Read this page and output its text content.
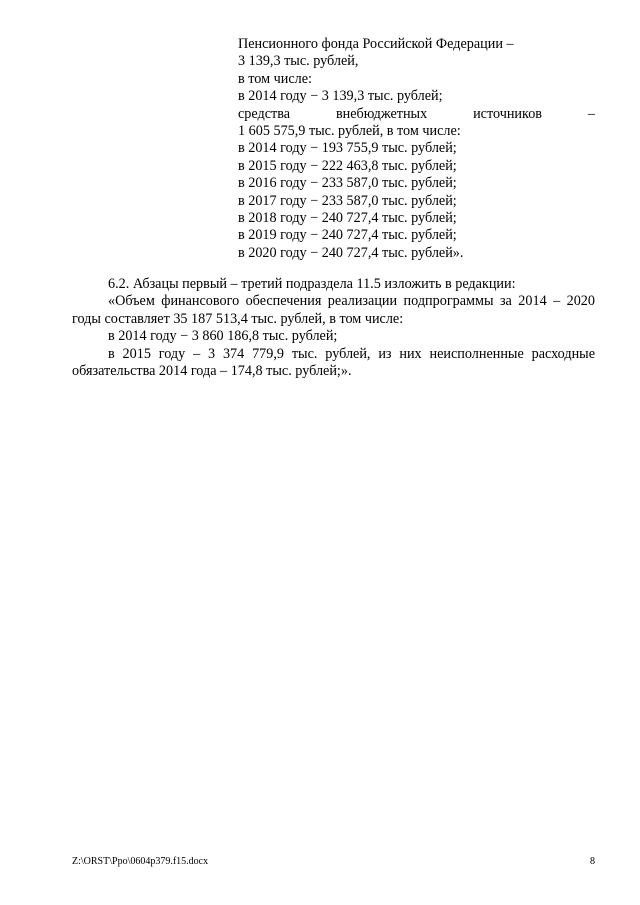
Пенсионного фонда Российской Федерации –
3 139,3 тыс. рублей,
в том числе:
в 2014 году − 3 139,3 тыс. рублей;
средства	внебюджетных	источников	–
1 605 575,9 тыс. рублей, в том числе:
в 2014 году − 193 755,9 тыс. рублей;
в 2015 году − 222 463,8 тыс. рублей;
в 2016 году − 233 587,0 тыс. рублей;
в 2017 году − 233 587,0 тыс. рублей;
в 2018 году − 240 727,4 тыс. рублей;
в 2019 году − 240 727,4 тыс. рублей;
в 2020 году − 240 727,4 тыс. рублей».

6.2. Абзацы первый – третий подраздела 11.5 изложить в редакции:

«Объем финансового обеспечения реализации подпрограммы за 2014 – 2020 годы составляет 35 187 513,4 тыс. рублей, в том числе:

в 2014 году − 3 860 186,8 тыс. рублей;

в 2015 году – 3 374 779,9 тыс. рублей, из них неисполненные расходные обязательства 2014 года – 174,8 тыс. рублей;».

Z:\ORST\Ppo\0604p379.f15.docx	8
